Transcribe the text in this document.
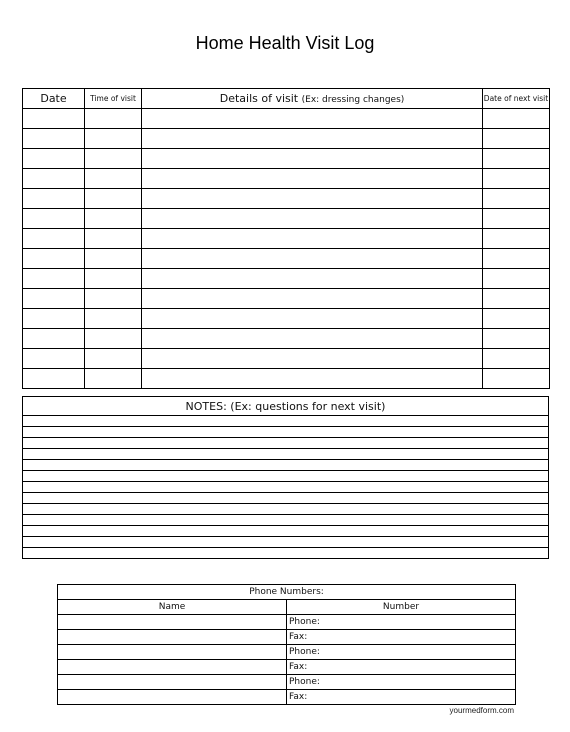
Home Health Visit Log
Date	Time of visit	Details of visit (Ex: dressing changes)	Date of next visit

NOTES: (Ex: questions for next visit)

Phone Numbers:	
Name	Number
	Phone:
	Fax:
	Phone:
	Fax:
	Phone:
	Fax:
yourmedform.com
